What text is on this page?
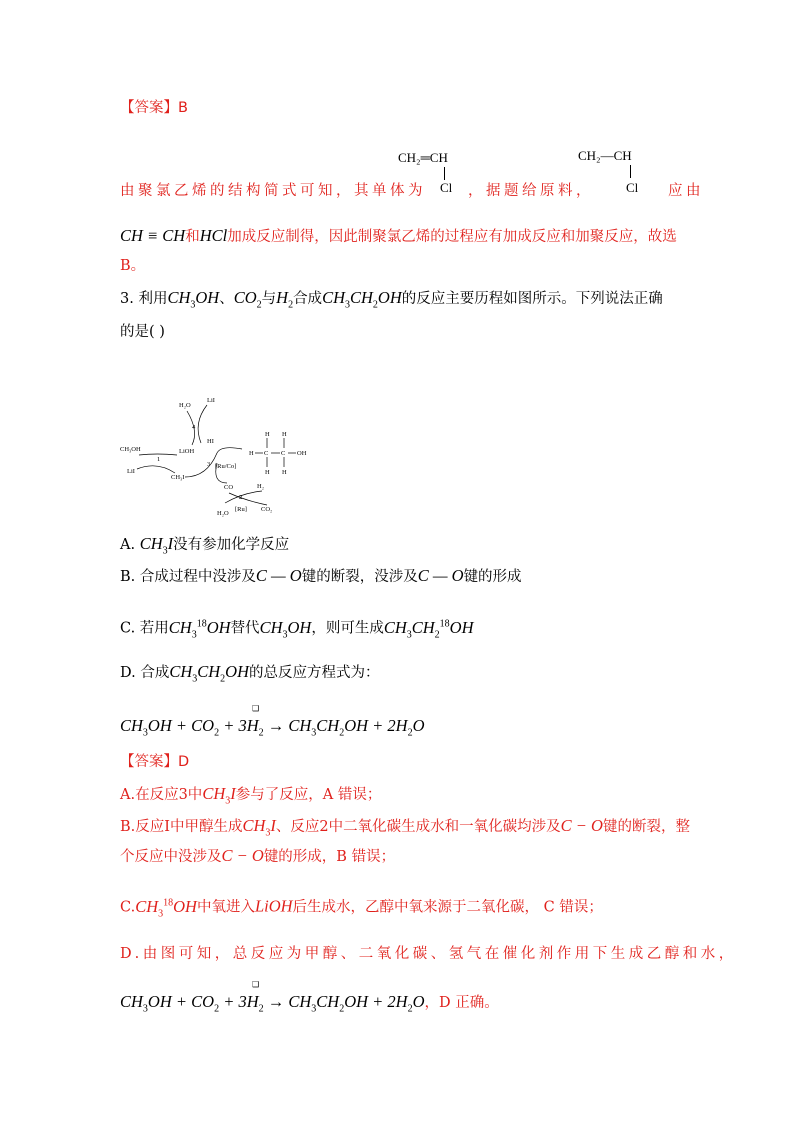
【答案】B
CH₂═CH
Cl
CH₂—CH
Cl
由聚氯乙烯的结构简式可知，其单体为	，据题给原料，	应由
CH ≡ CH和HCl加成反应制得，因此制聚氯乙烯的过程应有加成反应和加聚反应，故选
B。
3. 利用$CH_3OH$、$CO_2$与$H_2$合成$CH_3CH_2OH$的反应主要历程如图所示。下列说法正确
的是( )
H₂O
LiI
4
HI
CH₃OH	LiOH
1
LiI
CH₃I
3 [Ru/Co]
CO	H₂
2
[Ru]
H₂O
CO₂
H H
H C C OH
H H
A. $CH_3I$没有参加化学反应
B. 合成过程中没涉及C — O键的断裂，没涉及C — O键的形成
C. 若用$CH_3^{18}OH$替代$CH_3OH$，则可生成$CH_3CH_2^{18}OH$
D. 合成$CH_3CH_2OH$的总反应方程式为：
$CH_3OH + CO_2 + 3H_2 \to CH_3CH_2OH + 2H_2O$
❑
【答案】D
A.在反应3中$CH_3I$参与了反应，A 错误；
B.反应I中甲醇生成$CH_3I$、反应2中二氧化碳生成水和一氧化碳均涉及C − O键的断裂，整
个反应中没涉及C − O键的形成，B 错误；
$C.CH_3^{18}OH$中氧进入LiOH后生成水，乙醇中氧来源于二氧化碳， C 错误；
D.由图可知，总反应为甲醇、二氧化碳、氢气在催化剂作用下生成乙醇和水，
$CH_3OH + CO_2 + 3H_2 \to CH_3CH_2OH + 2H_2O$，D 正确。
❑
